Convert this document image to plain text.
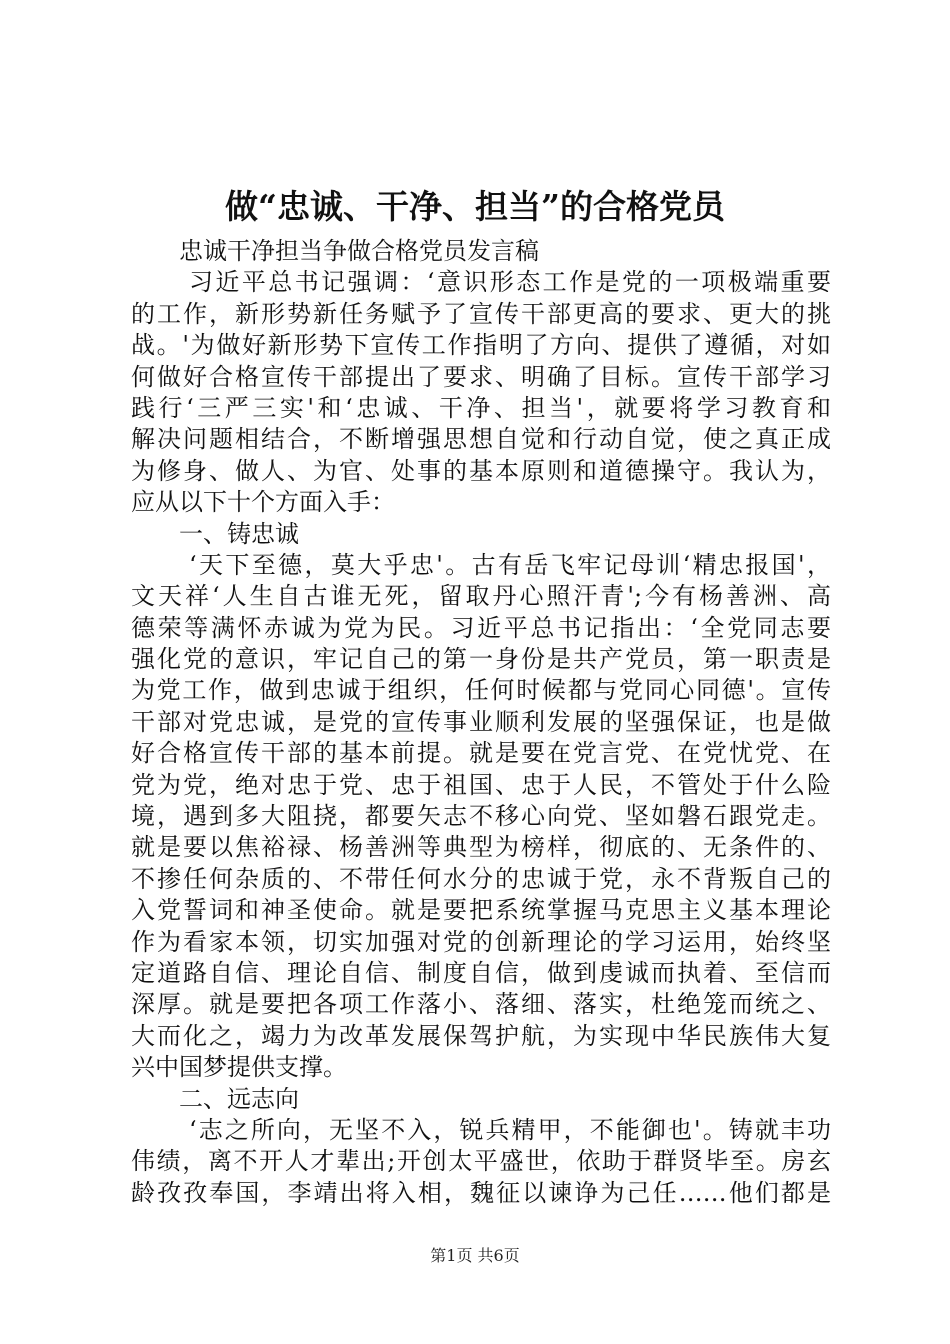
做“忠诚、干净、担当”的合格党员
忠诚干净担当争做合格党员发言稿
习近平总书记强调：‘意识形态工作是党的一项极端重要
的工作，新形势新任务赋予了宣传干部更高的要求、更大的挑
战。'为做好新形势下宣传工作指明了方向、提供了遵循，对如
何做好合格宣传干部提出了要求、明确了目标。宣传干部学习
践行‘三严三实'和‘忠诚、干净、担当'，就要将学习教育和
解决问题相结合，不断增强思想自觉和行动自觉，使之真正成
为修身、做人、为官、处事的基本原则和道德操守。我认为，
应从以下十个方面入手：
一、铸忠诚
‘天下至德，莫大乎忠'。古有岳飞牢记母训‘精忠报国'，
文天祥‘人生自古谁无死，留取丹心照汗青';今有杨善洲、高
德荣等满怀赤诚为党为民。习近平总书记指出：‘全党同志要
强化党的意识，牢记自己的第一身份是共产党员，第一职责是
为党工作，做到忠诚于组织，任何时候都与党同心同德'。宣传
干部对党忠诚，是党的宣传事业顺利发展的坚强保证，也是做
好合格宣传干部的基本前提。就是要在党言党、在党忧党、在
党为党，绝对忠于党、忠于祖国、忠于人民，不管处于什么险
境，遇到多大阻挠，都要矢志不移心向党、坚如磐石跟党走。
就是要以焦裕禄、杨善洲等典型为榜样，彻底的、无条件的、
不掺任何杂质的、不带任何水分的忠诚于党，永不背叛自己的
入党誓词和神圣使命。就是要把系统掌握马克思主义基本理论
作为看家本领，切实加强对党的创新理论的学习运用，始终坚
定道路自信、理论自信、制度自信，做到虔诚而执着、至信而
深厚。就是要把各项工作落小、落细、落实，杜绝笼而统之、
大而化之，竭力为改革发展保驾护航，为实现中华民族伟大复
兴中国梦提供支撑。
二、远志向
‘志之所向，无坚不入，锐兵精甲，不能御也'。铸就丰功
伟绩，离不开人才辈出;开创太平盛世，依助于群贤毕至。房玄
龄孜孜奉国，李靖出将入相，魏征以谏诤为己任……他们都是
第1页 共6页
